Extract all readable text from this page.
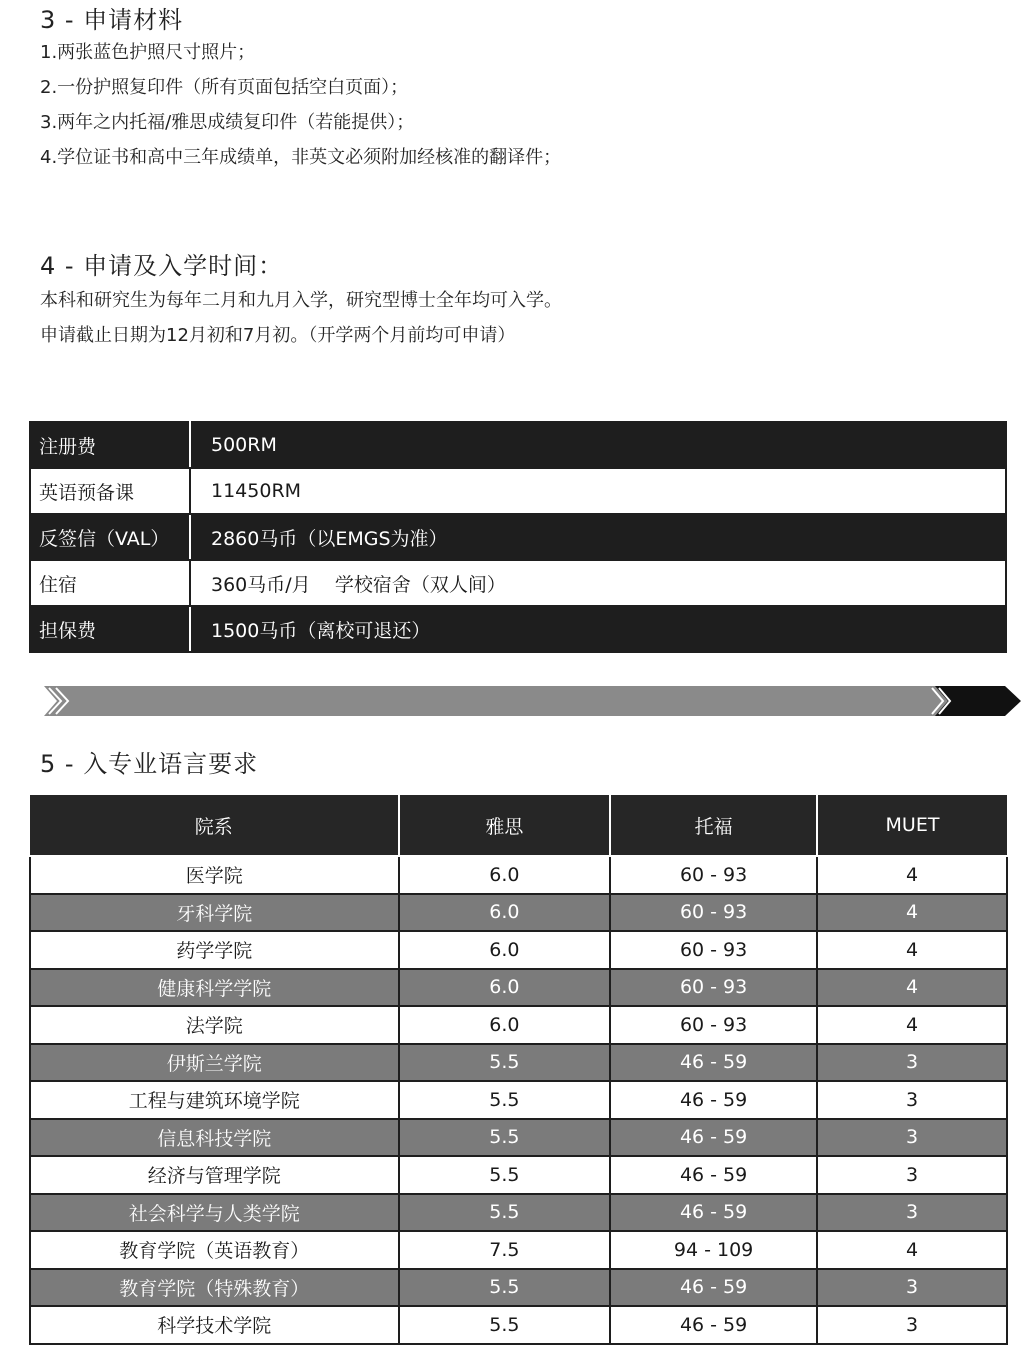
3 - 申请材料
1.两张蓝色护照尺寸照片；
2.一份护照复印件（所有页面包括空白页面）；
3.两年之内托福/雅思成绩复印件（若能提供）；
4.学位证书和高中三年成绩单，非英文必须附加经核准的翻译件；
4 - 申请及入学时间：
本科和研究生为每年二月和九月入学，研究型博士全年均可入学。
申请截止日期为12月初和7月初。（开学两个月前均可申请）
注册费	500RM
英语预备课	11450RM
反签信（VAL）	2860马币（以EMGS为准）
住宿	360马币/月    学校宿舍（双人间）
担保费	1500马币（离校可退还）
5 - 入专业语言要求
院系	雅思	托福	MUET
医学院	6.0	60 - 93	4
牙科学院	6.0	60 - 93	4
药学学院	6.0	60 - 93	4
健康科学学院	6.0	60 - 93	4
法学院	6.0	60 - 93	4
伊斯兰学院	5.5	46 - 59	3
工程与建筑环境学院	5.5	46 - 59	3
信息科技学院	5.5	46 - 59	3
经济与管理学院	5.5	46 - 59	3
社会科学与人类学院	5.5	46 - 59	3
教育学院（英语教育）	7.5	94 - 109	4
教育学院（特殊教育）	5.5	46 - 59	3
科学技术学院	5.5	46 - 59	3
